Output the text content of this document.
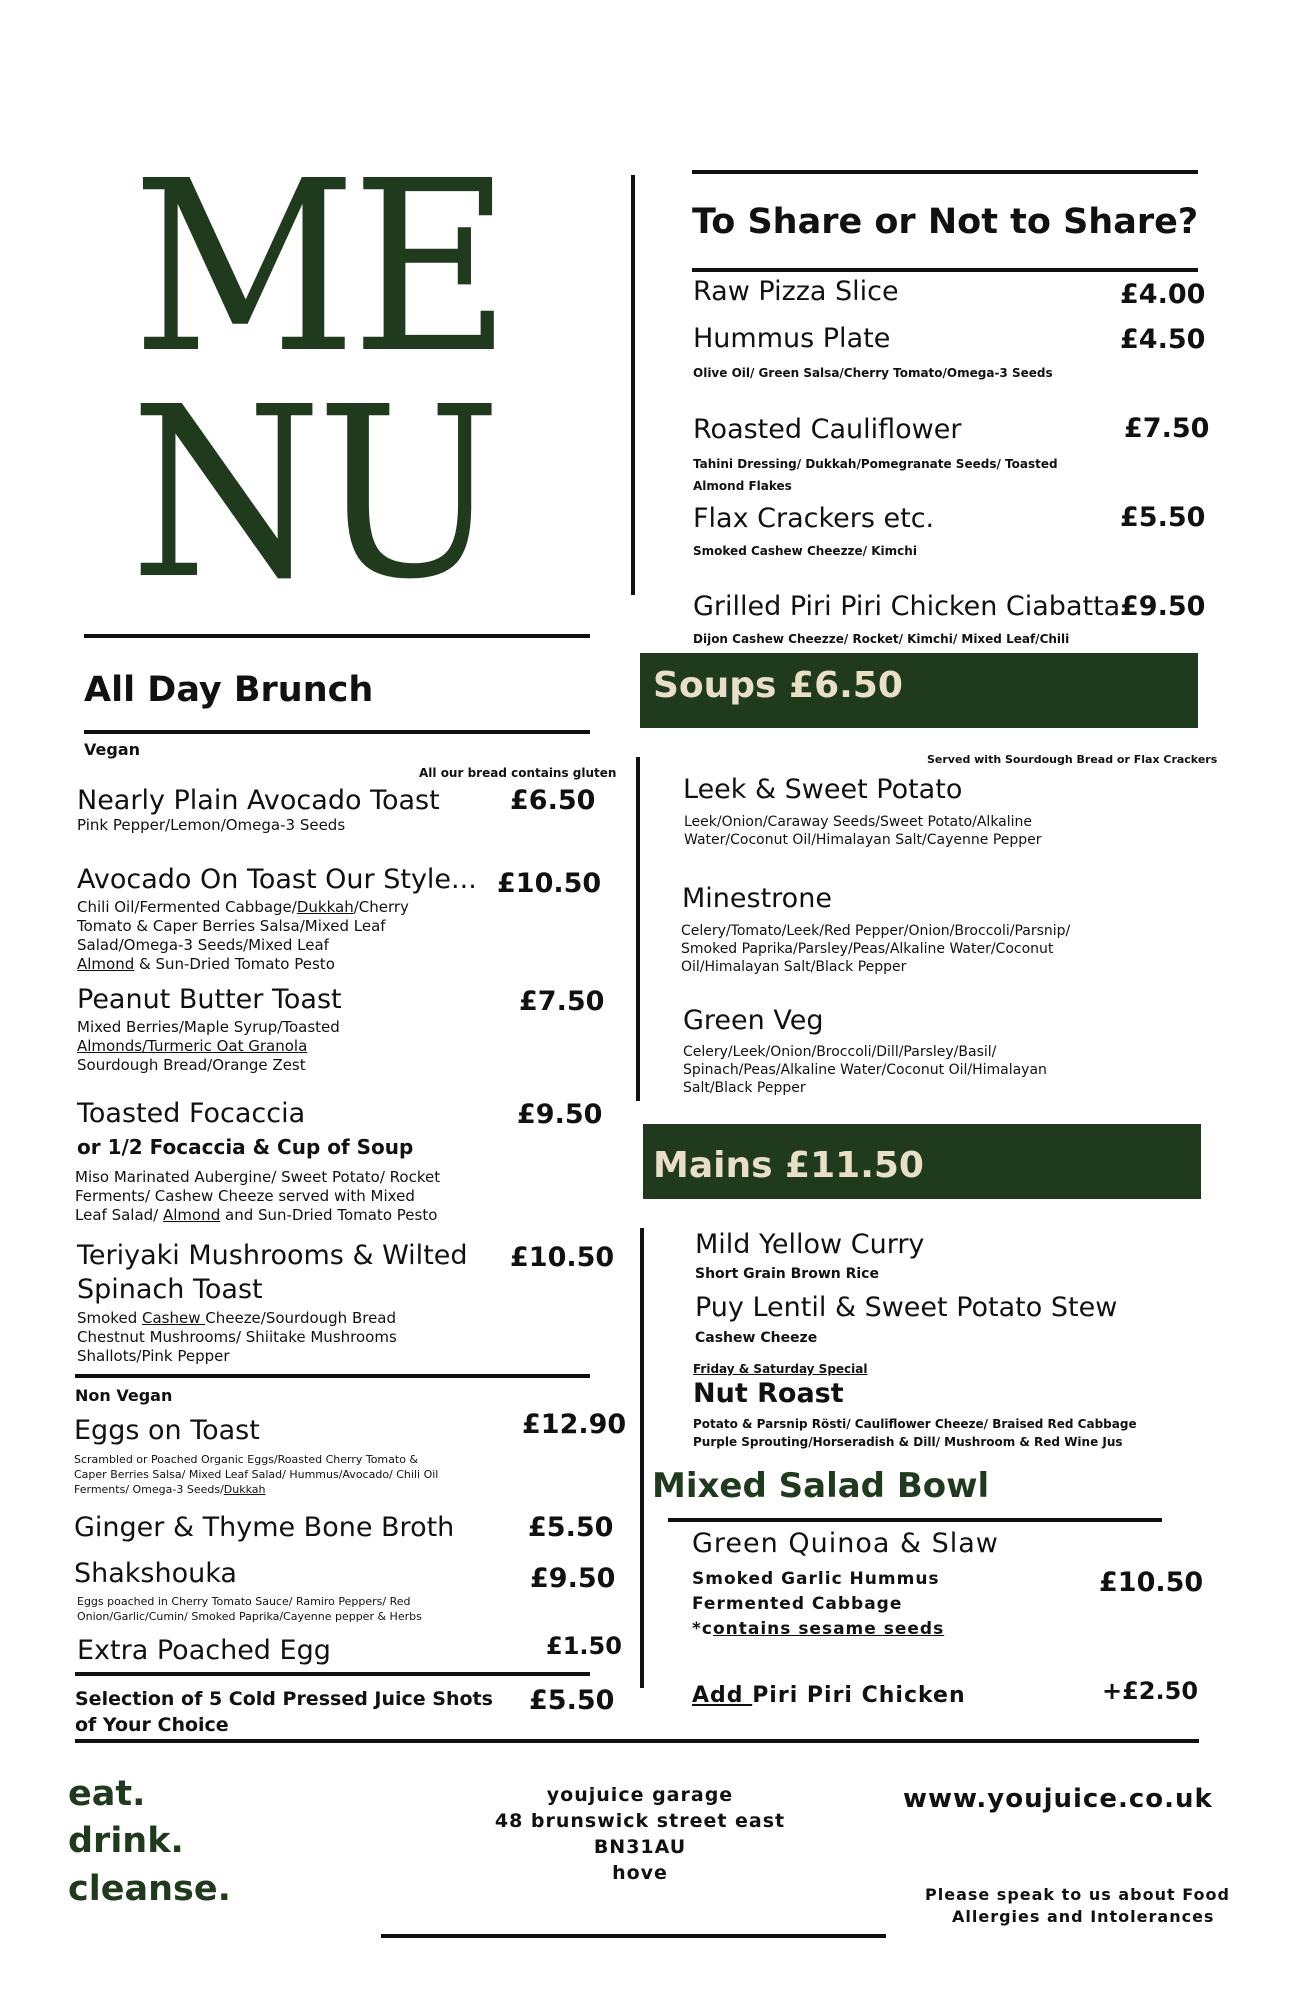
ME
NU
To Share or Not to Share?
Raw Pizza Slice	£4.00
Hummus Plate	£4.50
Olive Oil/ Green Salsa/Cherry Tomato/Omega-3 Seeds
Roasted Cauliflower	£7.50
Tahini Dressing/ Dukkah/Pomegranate Seeds/ Toasted
Almond Flakes
Flax Crackers etc.	£5.50
Smoked Cashew Cheezze/ Kimchi
Grilled Piri Piri Chicken Ciabatta £9.50
Dijon Cashew Cheezze/ Rocket/ Kimchi/ Mixed Leaf/Chili
All Day Brunch
Vegan
All our bread contains gluten
Nearly Plain Avocado Toast	£6.50
Pink Pepper/Lemon/Omega-3 Seeds
Avocado On Toast Our Style... £10.50
Chili Oil/Fermented Cabbage/Dukkah/Cherry
Tomato & Caper Berries Salsa/Mixed Leaf
Salad/Omega-3 Seeds/Mixed Leaf
Almond & Sun-Dried Tomato Pesto
Peanut Butter Toast	£7.50
Mixed Berries/Maple Syrup/Toasted
Almonds/Turmeric Oat Granola
Sourdough Bread/Orange Zest
Toasted Focaccia	£9.50
or 1/2 Focaccia & Cup of Soup
Miso Marinated Aubergine/ Sweet Potato/ Rocket
Ferments/ Cashew Cheeze served with Mixed
Leaf Salad/ Almond and Sun-Dried Tomato Pesto
Teriyaki Mushrooms & Wilted
Spinach Toast
£10.50
Smoked Cashew Cheeze/Sourdough Bread
Chestnut Mushrooms/ Shiitake Mushrooms
Shallots/Pink Pepper
Non Vegan
Eggs on Toast	£12.90
Scrambled or Poached Organic Eggs/Roasted Cherry Tomato &
Caper Berries Salsa/ Mixed Leaf Salad/ Hummus/Avocado/ Chili Oil
Ferments/ Omega-3 Seeds/Dukkah
Ginger & Thyme Bone Broth	£5.50
Shakshouka	£9.50
Eggs poached in Cherry Tomato Sauce/ Ramiro Peppers/ Red
Onion/Garlic/Cumin/ Smoked Paprika/Cayenne pepper & Herbs
Extra Poached Egg	£1.50
Selection of 5 Cold Pressed Juice Shots
of Your Choice
£5.50
Soups £6.50
Served with Sourdough Bread or Flax Crackers
Leek & Sweet Potato
Leek/Onion/Caraway Seeds/Sweet Potato/Alkaline
Water/Coconut Oil/Himalayan Salt/Cayenne Pepper
Minestrone
Celery/Tomato/Leek/Red Pepper/Onion/Broccoli/Parsnip/
Smoked Paprika/Parsley/Peas/Alkaline Water/Coconut
Oil/Himalayan Salt/Black Pepper
Green Veg
Celery/Leek/Onion/Broccoli/Dill/Parsley/Basil/
Spinach/Peas/Alkaline Water/Coconut Oil/Himalayan
Salt/Black Pepper
Mains £11.50
Mild Yellow Curry
Short Grain Brown Rice
Puy Lentil & Sweet Potato Stew
Cashew Cheeze
Friday & Saturday Special
Nut Roast
Potato & Parsnip Rösti/ Cauliflower Cheeze/ Braised Red Cabbage
Purple Sprouting/Horseradish & Dill/ Mushroom & Red Wine Jus
Mixed Salad Bowl
Green Quinoa & Slaw
Smoked Garlic Hummus
Fermented Cabbage
*contains sesame seeds
£10.50
Add Piri Piri Chicken	+£2.50
eat.
drink.
cleanse.
youjuice garage
48 brunswick street east
BN31AU
hove
www.youjuice.co.uk
Please speak to us about Food
Allergies and Intolerances
